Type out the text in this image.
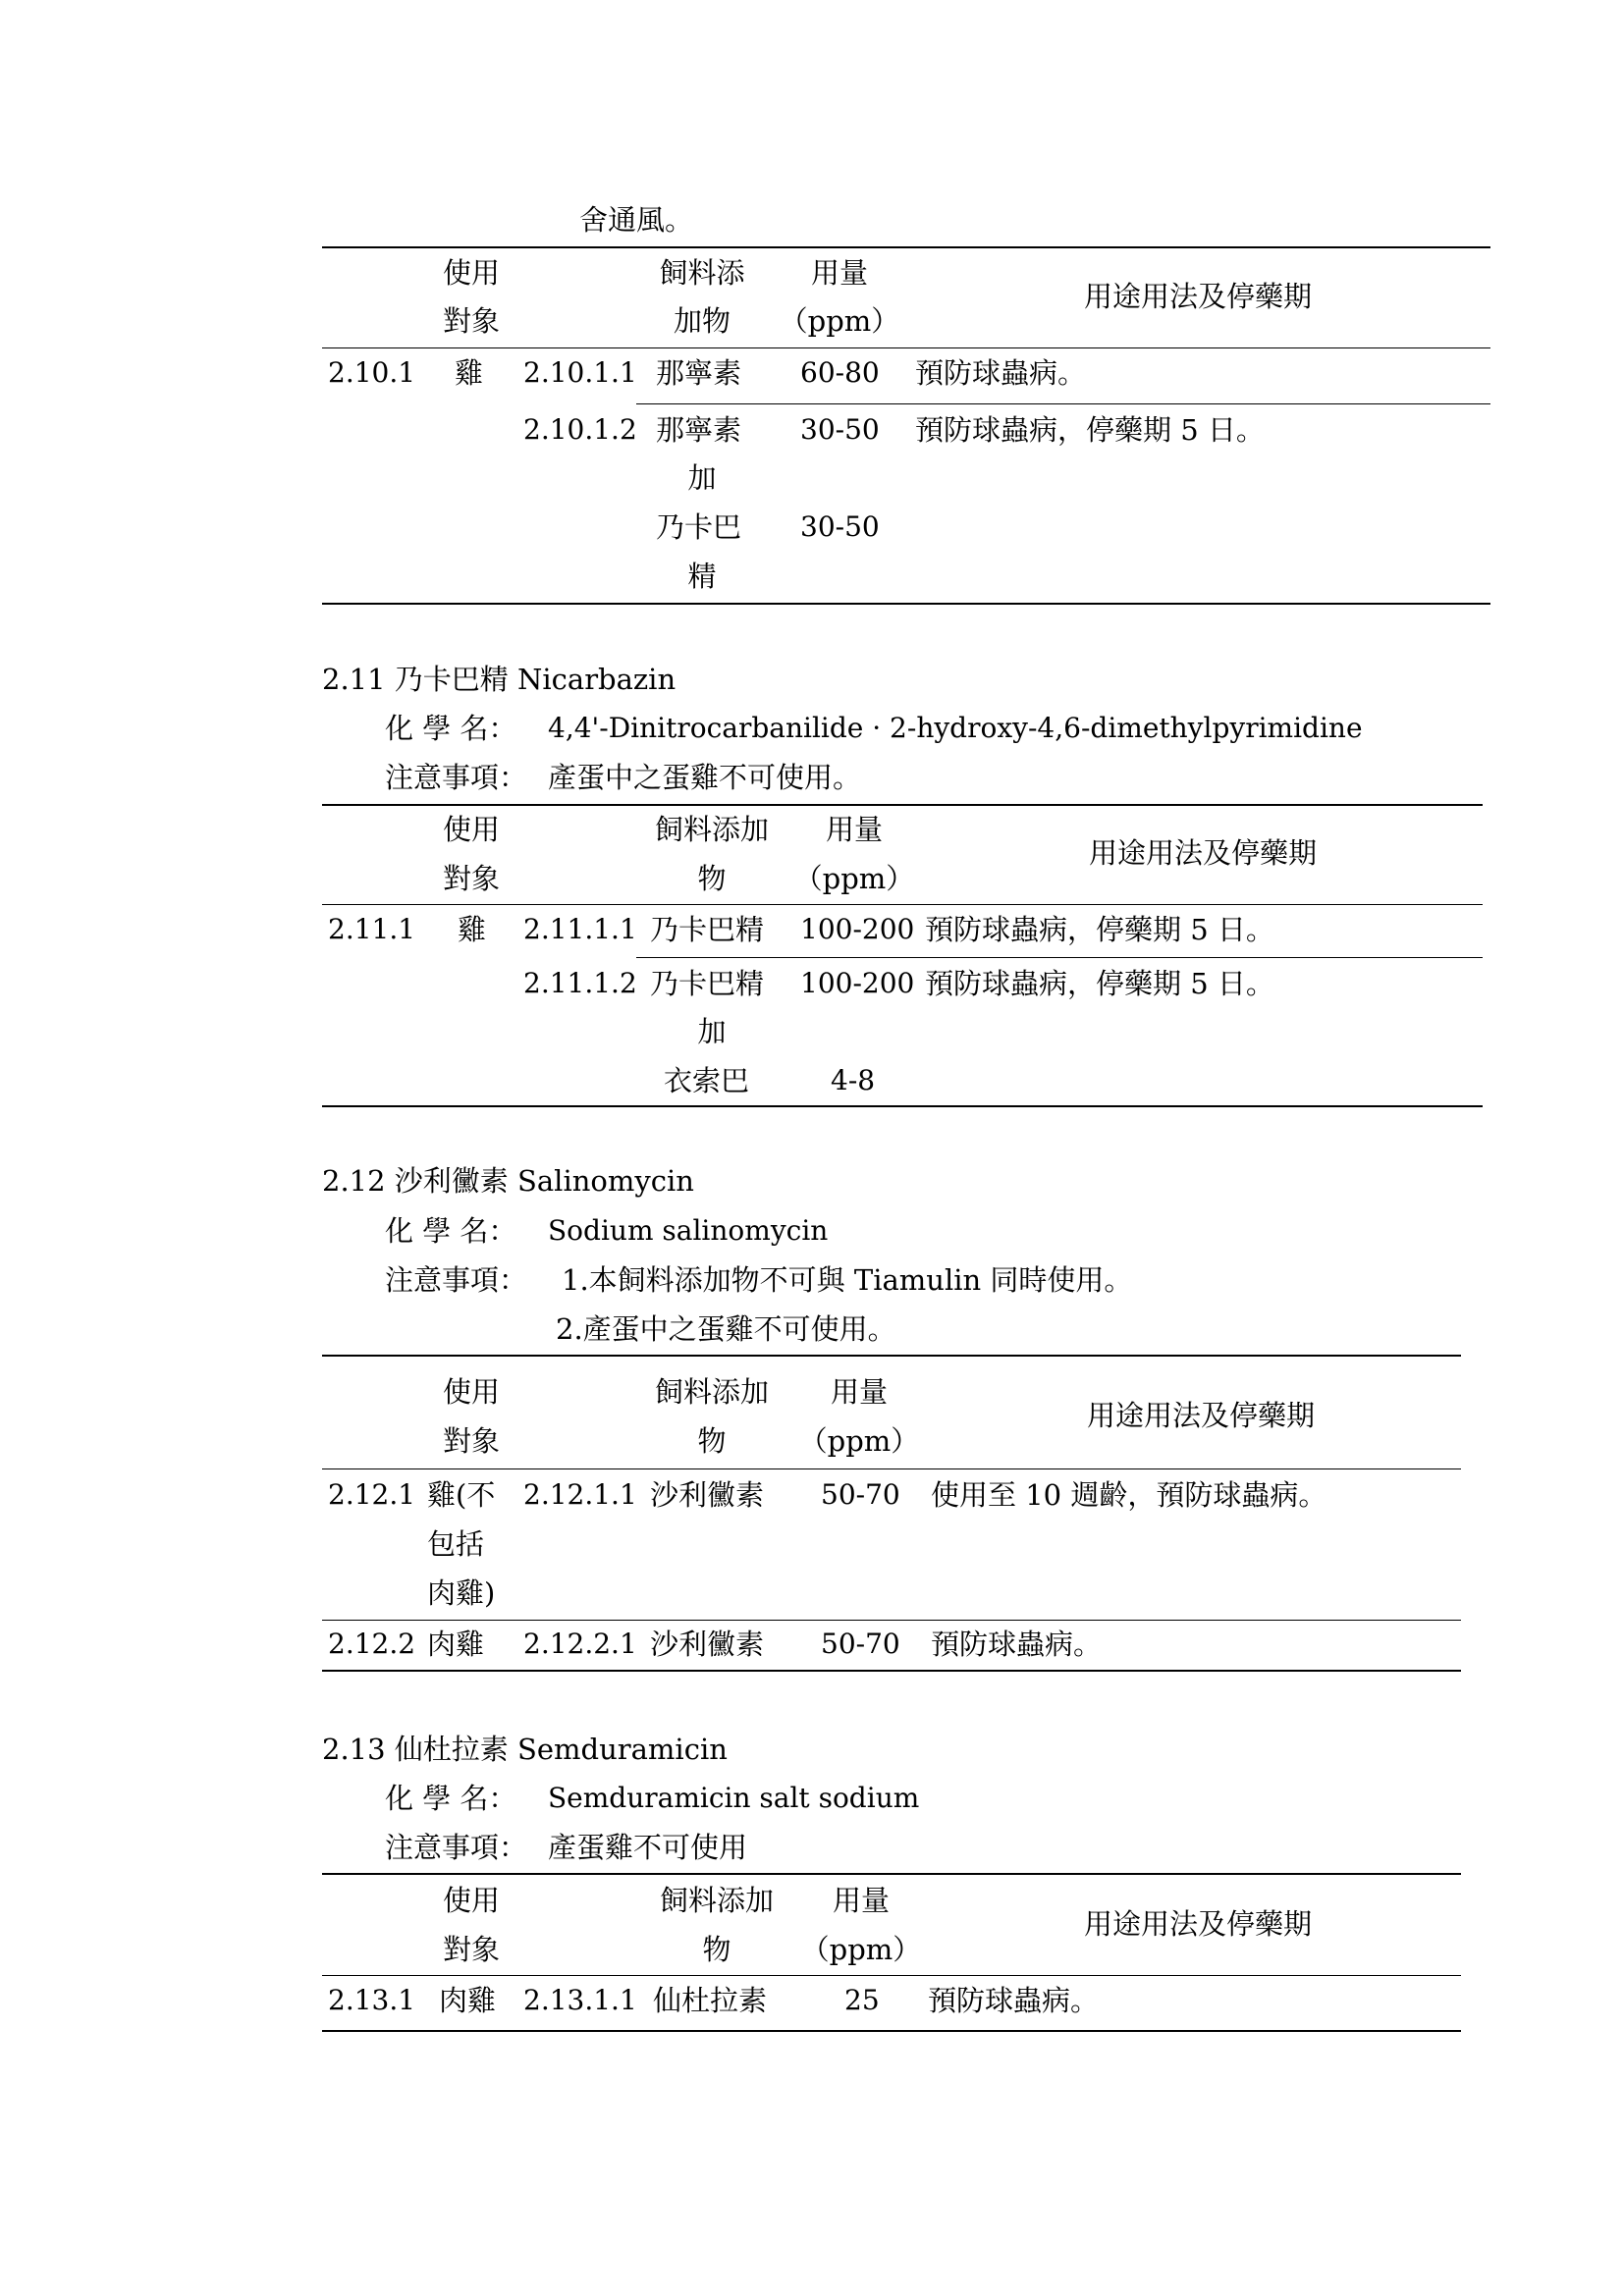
舍通風。
使用
對象
飼料添
加物
用量
（ppm）
用途用法及停藥期
2.10.1 雞 2.10.1.1 那寧素 60-80 預防球蟲病。
2.10.1.2 那寧素 30-50 預防球蟲病，停藥期 5 日。
加
乃卡巴 30-50
精
2.11 乃卡巴精 Nicarbazin
化 學 名： 4,4'-Dinitrocarbanilide · 2-hydroxy-4,6-dimethylpyrimidine
注意事項： 產蛋中之蛋雞不可使用。
使用
對象
飼料添加
物
用量
（ppm）
用途用法及停藥期
2.11.1 雞 2.11.1.1 乃卡巴精 100-200 預防球蟲病，停藥期 5 日。
2.11.1.2 乃卡巴精 100-200 預防球蟲病，停藥期 5 日。
加
衣索巴	4-8
2.12 沙利黴素 Salinomycin
化 學 名： Sodium salinomycin
注意事項： 1.本飼料添加物不可與 Tiamulin 同時使用。
2.產蛋中之蛋雞不可使用。
使用
對象
飼料添加
物
用量
（ppm）
用途用法及停藥期
2.12.1 雞(不
包括
肉雞)
2.12.1.1 沙利黴素 50-70 使用至 10 週齡，預防球蟲病。
2.12.2 肉雞 2.12.2.1 沙利黴素 50-70 預防球蟲病。
2.13 仙杜拉素 Semduramicin
化 學 名： Semduramicin salt sodium
注意事項： 產蛋雞不可使用
使用
對象
飼料添加
物
用量
（ppm）
用途用法及停藥期
2.13.1 肉雞 2.13.1.1 仙杜拉素	25 預防球蟲病。
